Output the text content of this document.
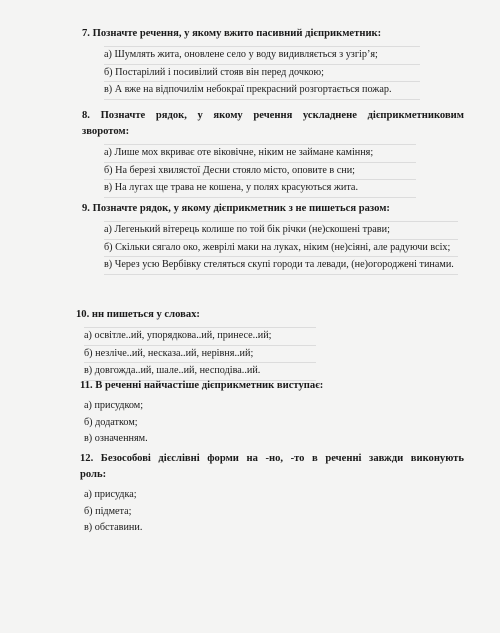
7. Позначте речення, у якому вжито пасивний дієприкметник:
а) Шумлять жита, оновлене село у воду видивляється з узгір’я;
б) Постарілий і посивілий стояв він перед дочкою;
в) А вже на відпочилім небокраї прекрасний розгортається пожар.
8. Позначте рядок, у якому речення ускладнене дієприкметниковим
зворотом:
а) Лише мох вкриває оте віковічне, ніким не займане каміння;
б) На березі хвилястої Десни стояло місто, оповите в сни;
в) На лугах ще трава не кошена, у полях красуються жита.
9. Позначте рядок, у якому дієприкметник з не пишеться разом:
а) Легенький вітерець колише по той бік річки (не)скошені трави;
б) Скільки сягало око, жеврілі маки на луках, ніким (не)сіяні, але радуючи всіх;
в) Через усю Вербівку стеляться скупі городи та левади, (не)огороджені тинами.
10. нн пишеться у словах:
а) освітле..ий, упорядкова..ий, принесе..ий;
б) незліче..ий, несказа..ий, нерівня..ий;
в) довгожда..ий, шале..ий, несподіва..ий.
11. В реченні найчастіше дієприкметник виступає:
а) присудком;
б) додатком;
в) означенням.
12. Безособові дієслівні форми на -но, -то в реченні завжди виконують
роль:
а) присудка;
б) підмета;
в) обставини.
